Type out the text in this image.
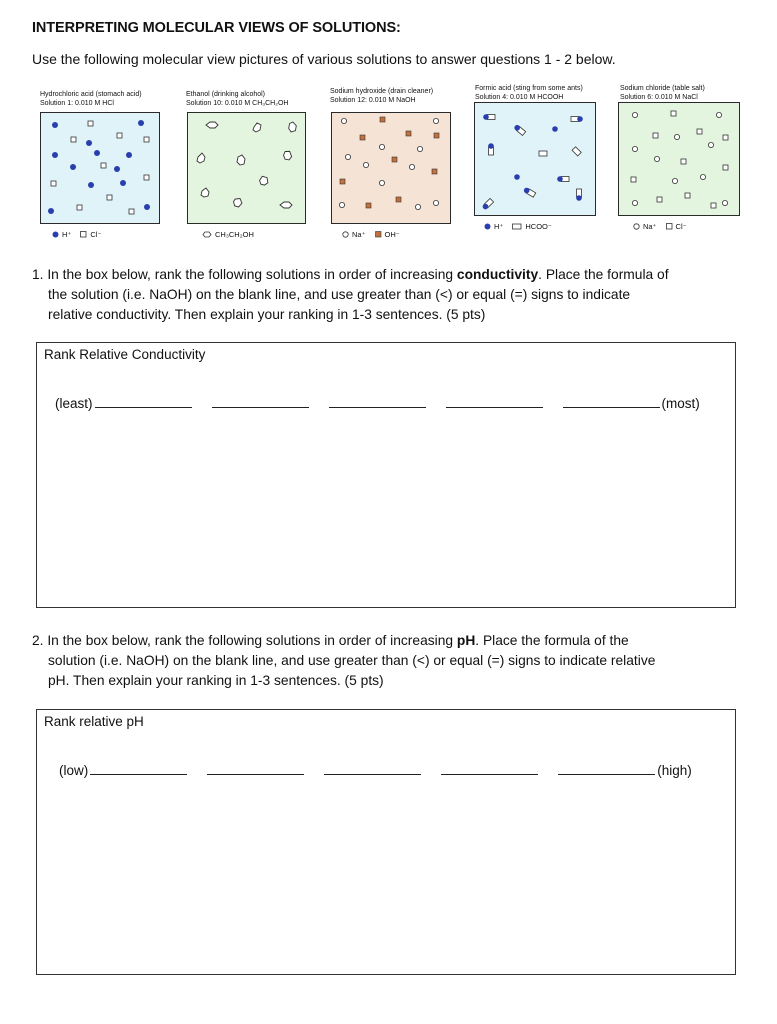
INTERPRETING MOLECULAR VIEWS OF SOLUTIONS:
Use the following molecular view pictures of various solutions to answer questions 1 - 2 below.
Hydrochloric acid (stomach acid)
Solution 1: 0.010 M HCl
H⁺	Cl⁻
Ethanol (drinking alcohol)
Solution 10: 0.010 M CH₃CH₂OH
CH₃CH₂OH
Sodium hydroxide (drain cleaner)
Solution 12: 0.010 M NaOH
Na⁺	OH⁻
Formic acid (sting from some ants)
Solution 4: 0.010 M HCOOH
H⁺	HCOO⁻
Sodium chloride (table salt)
Solution 6: 0.010 M NaCl
Na⁺	Cl⁻
1. In the box below, rank the following solutions in order of increasing conductivity. Place the formula of
the solution (i.e. NaOH) on the blank line, and use greater than (<) or equal (=) signs to indicate
relative conductivity. Then explain your ranking in 1-3 sentences. (5 pts)
Rank Relative Conductivity
(least)	(most)
2. In the box below, rank the following solutions in order of increasing pH. Place the formula of the
solution (i.e. NaOH) on the blank line, and use greater than (<) or equal (=) signs to indicate relative
pH. Then explain your ranking in 1-3 sentences. (5 pts)
Rank relative pH
(low)	(high)
